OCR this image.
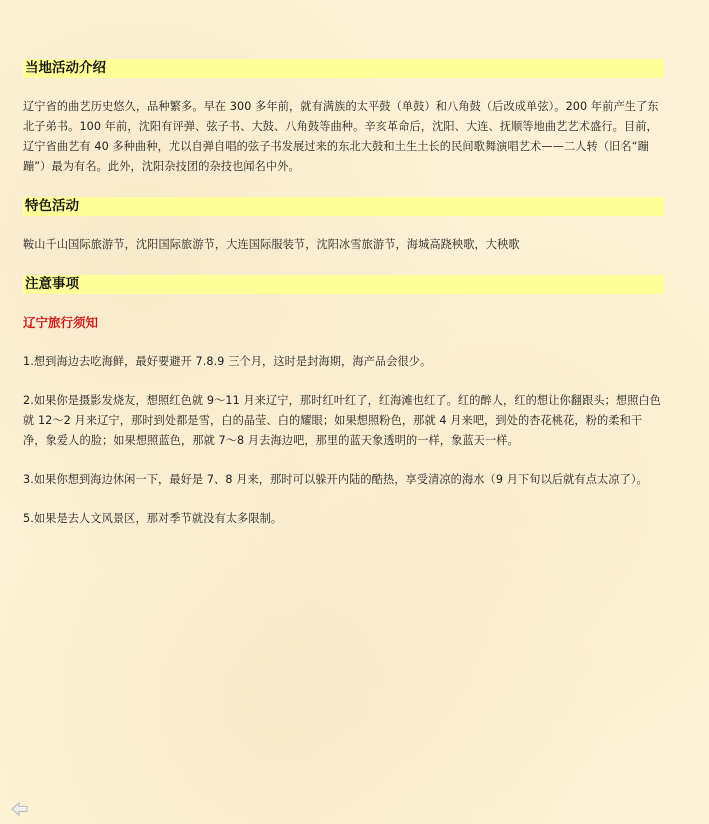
当地活动介绍

辽宁省的曲艺历史悠久，品种繁多。早在 300 多年前，就有满族的太平鼓（单鼓）和八角鼓（后改成单弦）。200 年前产生了东北子弟书。100 年前，沈阳有评弹、弦子书、大鼓、八角鼓等曲种。辛亥革命后，沈阳、大连、抚顺等地曲艺艺术盛行。目前，辽宁省曲艺有 40 多种曲种，尤以自弹自唱的弦子书发展过来的东北大鼓和土生土长的民间歌舞演唱艺术——二人转（旧名“蹦蹦”）最为有名。此外，沈阳杂技团的杂技也闻名中外。

特色活动

鞍山千山国际旅游节，沈阳国际旅游节，大连国际服装节，沈阳冰雪旅游节，海城高跷秧歌，大秧歌

注意事项
辽宁旅行须知

1.想到海边去吃海鲜，最好要避开 7.8.9 三个月，这时是封海期，海产品会很少。

2.如果你是摄影发烧友，想照红色就 9～11 月来辽宁，那时红叶红了，红海滩也红了。红的醉人，红的想让你翻跟头；想照白色就 12～2 月来辽宁，那时到处都是雪，白的晶莹、白的耀眼；如果想照粉色，那就 4 月来吧，到处的杏花桃花，粉的柔和干净，象爱人的脸；如果想照蓝色，那就 7～8 月去海边吧，那里的蓝天象透明的一样，象蓝天一样。

3.如果你想到海边休闲一下，最好是 7、8 月来，那时可以躲开内陆的酷热，享受清凉的海水（9 月下旬以后就有点太凉了）。

5.如果是去人文风景区，那对季节就没有太多限制。
